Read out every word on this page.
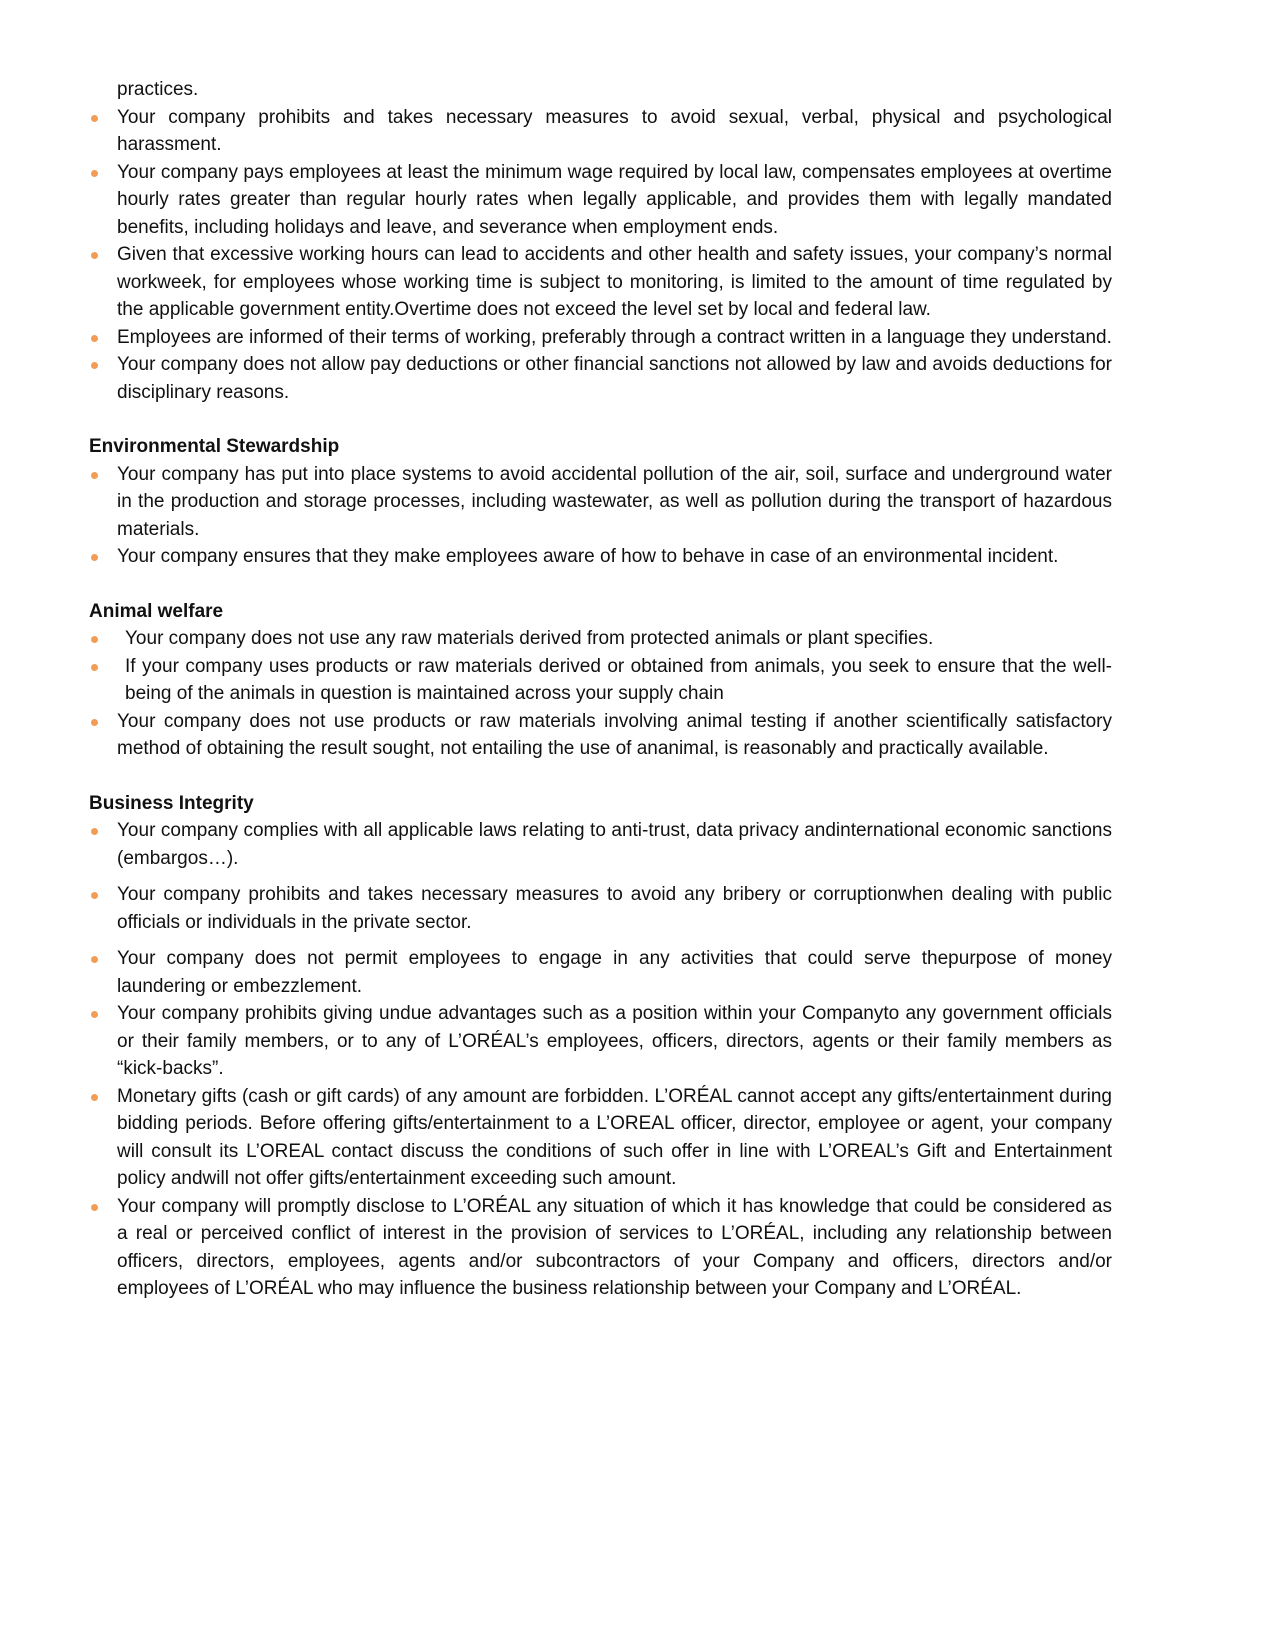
practices.

Your company prohibits and takes necessary measures to avoid sexual, verbal, physical and psychological harassment.
Your company pays employees at least the minimum wage required by local law, compensates employees at overtime hourly rates greater than regular hourly rates when legally applicable, and provides them with legally mandated benefits, including holidays and leave, and severance when employment ends.
Given that excessive working hours can lead to accidents and other health and safety issues, your company’s normal workweek, for employees whose working time is subject to monitoring, is limited to the amount of time regulated by the applicable government entity.Overtime does not exceed the level set by local and federal law.
Employees are informed of their terms of working, preferably through a contract written in a language they understand.
Your company does not allow pay deductions or other financial sanctions not allowed by law and avoids deductions for disciplinary reasons.

Environmental Stewardship

Your company has put into place systems to avoid accidental pollution of the air, soil, surface and underground water in the production and storage processes, including wastewater, as well as pollution during the transport of hazardous materials.
Your company ensures that they make employees aware of how to behave in case of an environmental incident.

Animal welfare

Your company does not use any raw materials derived from protected animals or plant specifies.
If your company uses products or raw materials derived or obtained from animals, you seek to ensure that the well-being of the animals in question is maintained across your supply chain
Your company does not use products or raw materials involving animal testing if another scientifically satisfactory method of obtaining the result sought, not entailing the use of ananimal, is reasonably and practically available.

Business Integrity

Your company complies with all applicable laws relating to anti-trust, data privacy andinternational economic sanctions (embargos…).
Your company prohibits and takes necessary measures to avoid any bribery or corruptionwhen dealing with public officials or individuals in the private sector.
Your company does not permit employees to engage in any activities that could serve thepurpose of money laundering or embezzlement.
Your company prohibits giving undue advantages such as a position within your Companyto any government officials or their family members, or to any of L’ORÉAL’s employees, officers, directors, agents or their family members as “kick-backs”.
Monetary gifts (cash or gift cards) of any amount are forbidden. L’ORÉAL cannot accept any gifts/entertainment during bidding periods. Before offering gifts/entertainment to a L’OREAL officer, director, employee or agent, your company will consult its L’OREAL contact discuss the conditions of such offer in line with L’OREAL’s Gift and Entertainment policy andwill not offer gifts/entertainment exceeding such amount.
Your company will promptly disclose to L’ORÉAL any situation of which it has knowledge that could be considered as a real or perceived conflict of interest in the provision of services to L’ORÉAL, including any relationship between officers, directors, employees, agents and/or subcontractors of your Company and officers, directors and/or employees of L’ORÉAL who may influence the business relationship between your Company and L’ORÉAL.
